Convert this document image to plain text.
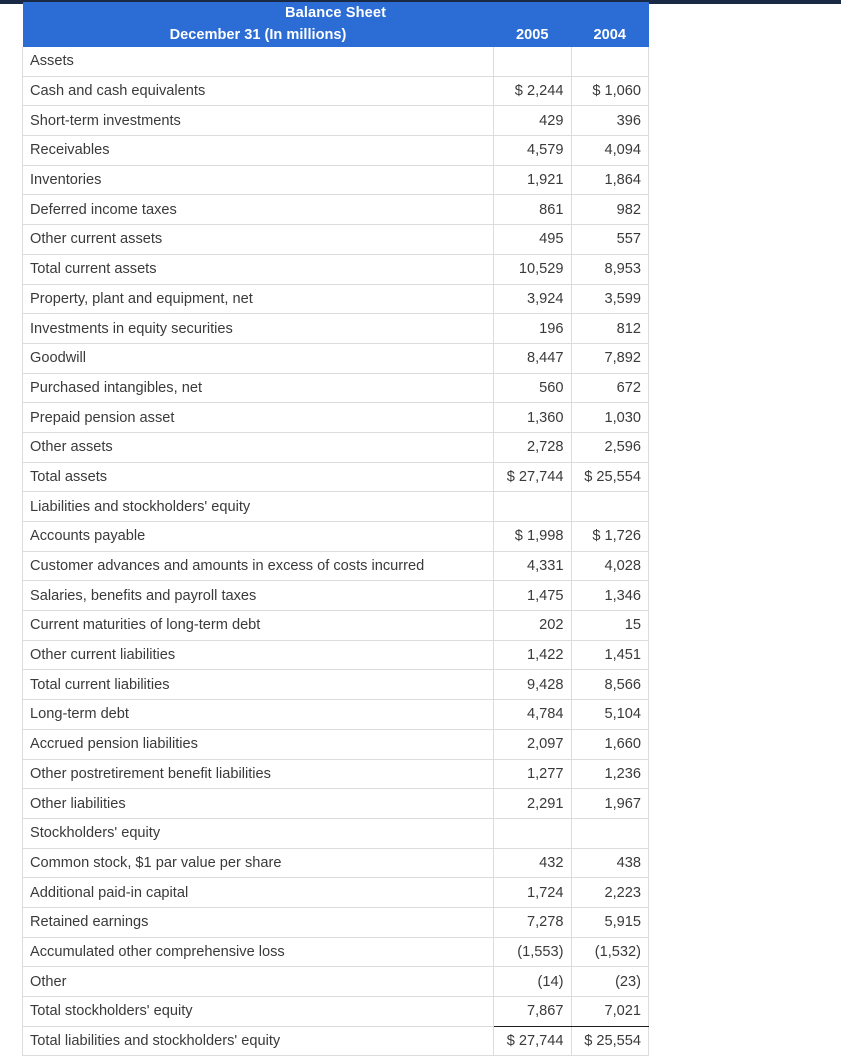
Balance Sheet		
December 31 (In millions)	2005	2004
Assets		
Cash and cash equivalents	$ 2,244	$ 1,060
Short-term investments	429	396
Receivables	4,579	4,094
Inventories	1,921	1,864
Deferred income taxes	861	982
Other current assets	495	557
Total current assets	10,529	8,953
Property, plant and equipment, net	3,924	3,599
Investments in equity securities	196	812
Goodwill	8,447	7,892
Purchased intangibles, net	560	672
Prepaid pension asset	1,360	1,030
Other assets	2,728	2,596
Total assets	$ 27,744	$ 25,554
Liabilities and stockholders' equity		
Accounts payable	$ 1,998	$ 1,726
Customer advances and amounts in excess of costs incurred	4,331	4,028
Salaries, benefits and payroll taxes	1,475	1,346
Current maturities of long-term debt	202	15
Other current liabilities	1,422	1,451
Total current liabilities	9,428	8,566
Long-term debt	4,784	5,104
Accrued pension liabilities	2,097	1,660
Other postretirement benefit liabilities	1,277	1,236
Other liabilities	2,291	1,967
Stockholders' equity		
Common stock, $1 par value per share	432	438
Additional paid-in capital	1,724	2,223
Retained earnings	7,278	5,915
Accumulated other comprehensive loss	(1,553)	(1,532)
Other	(14)	(23)
Total stockholders' equity	7,867	7,021
Total liabilities and stockholders' equity	$ 27,744	$ 25,554
